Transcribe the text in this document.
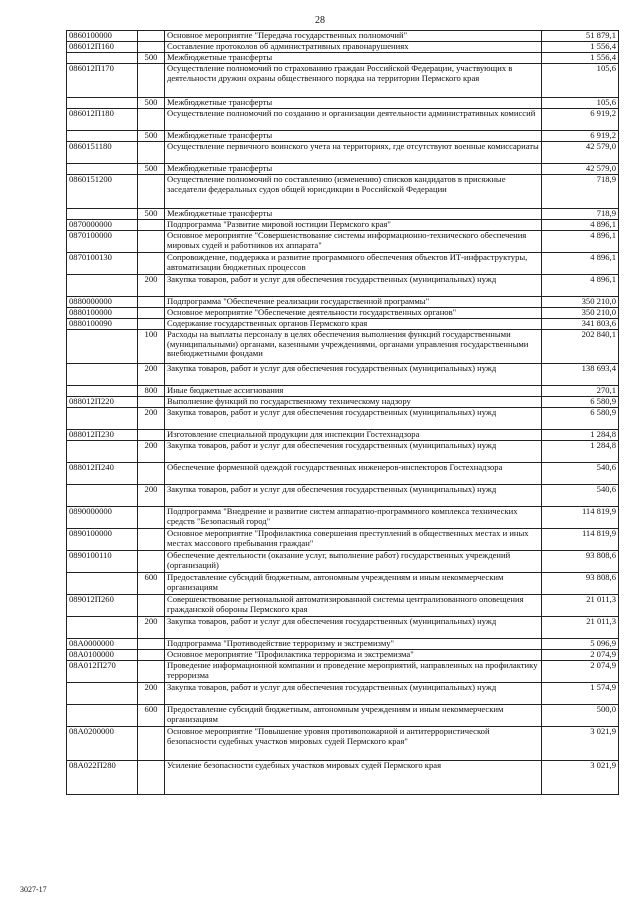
28
0860100000		Основное мероприятие "Передача государственных полномочий"	51 879,1
086012П160		Составление протоколов об административных правонарушениях	1 556,4
	500	Межбюджетные трансферты	1 556,4
086012П170		Осуществление полномочий по страхованию граждан Российской Федерации, участвующих в деятельности дружин охраны общественного порядка на территории Пермского края	105,6
	500	Межбюджетные трансферты	105,6
086012П180		Осуществление полномочий по созданию и организации деятельности административных комиссий	6 919,2
	500	Межбюджетные трансферты	6 919,2
0860151180		Осуществление первичного воинского учета на территориях, где отсутствуют военные комиссариаты	42 579,0
	500	Межбюджетные трансферты	42 579,0
0860151200		Осуществление полномочий по составлению (изменению) списков кандидатов в присяжные заседатели федеральных судов общей юрисдикции в Российской Федерации	718,9
	500	Межбюджетные трансферты	718,9
0870000000		Подпрограмма "Развитие мировой юстиции Пермского края"	4 896,1
0870100000		Основное мероприятие "Совершенствование системы информационно-технического обеспечения мировых судей и работников их аппарата"	4 896,1
0870100130		Сопровождение, поддержка и развитие программного обеспечения объектов ИТ-инфраструктуры, автоматизации бюджетных процессов	4 896,1
	200	Закупка товаров, работ и услуг для обеспечения государственных (муниципальных) нужд	4 896,1
0880000000		Подпрограмма "Обеспечение реализации государственной программы"	350 210,0
0880100000		Основное мероприятие "Обеспечение деятельности государственных органов"	350 210,0
0880100090		Содержание государственных органов Пермского края	341 803,6
	100	Расходы на выплаты персоналу в целях обеспечения выполнения функций государственными (муниципальными) органами, казенными учреждениями, органами управления государственными внебюджетными фондами	202 840,1
	200	Закупка товаров, работ и услуг для обеспечения государственных (муниципальных) нужд	138 693,4
	800	Иные бюджетные ассигнования	270,1
088012П220		Выполнение функций по государственному техническому надзору	6 580,9
	200	Закупка товаров, работ и услуг для обеспечения государственных (муниципальных) нужд	6 580,9
088012П230		Изготовление специальной продукции для инспекции Гостехнадзора	1 284,8
	200	Закупка товаров, работ и услуг для обеспечения государственных (муниципальных) нужд	1 284,8
088012П240		Обеспечение форменной одеждой государственных инженеров-инспекторов Гостехнадзора	540,6
	200	Закупка товаров, работ и услуг для обеспечения государственных (муниципальных) нужд	540,6
0890000000		Подпрограмма "Внедрение и развитие систем аппаратно-программного комплекса технических средств "Безопасный город"	114 819,9
0890100000		Основное мероприятие "Профилактика совершения преступлений в общественных местах и иных местах массового пребывания граждан"	114 819,9
0890100110		Обеспечение деятельности (оказание услуг, выполнение работ) государственных учреждений (организаций)	93 808,6
	600	Предоставление субсидий бюджетным, автономным учреждениям и иным некоммерческим организациям	93 808,6
089012П260		Совершенствование региональной автоматизированной системы централизованного оповещения гражданской обороны Пермского края	21 011,3
	200	Закупка товаров, работ и услуг для обеспечения государственных (муниципальных) нужд	21 011,3
08А0000000		Подпрограмма "Противодействие терроризму и экстремизму"	5 096,9
08А0100000		Основное мероприятие "Профилактика терроризма и экстремизма"	2 074,9
08А012П270		Проведение информационной компании и проведение мероприятий, направленных на профилактику терроризма	2 074,9
	200	Закупка товаров, работ и услуг для обеспечения государственных (муниципальных) нужд	1 574,9
	600	Предоставление субсидий бюджетным, автономным учреждениям и иным некоммерческим организациям	500,0
08А0200000		Основное мероприятие "Повышение уровня противопожарной и антитеррористической безопасности судебных участков мировых судей Пермского края"	3 021,9
08А022П280		Усиление безопасности судебных участков мировых судей Пермского края	3 021,9
3027-17
